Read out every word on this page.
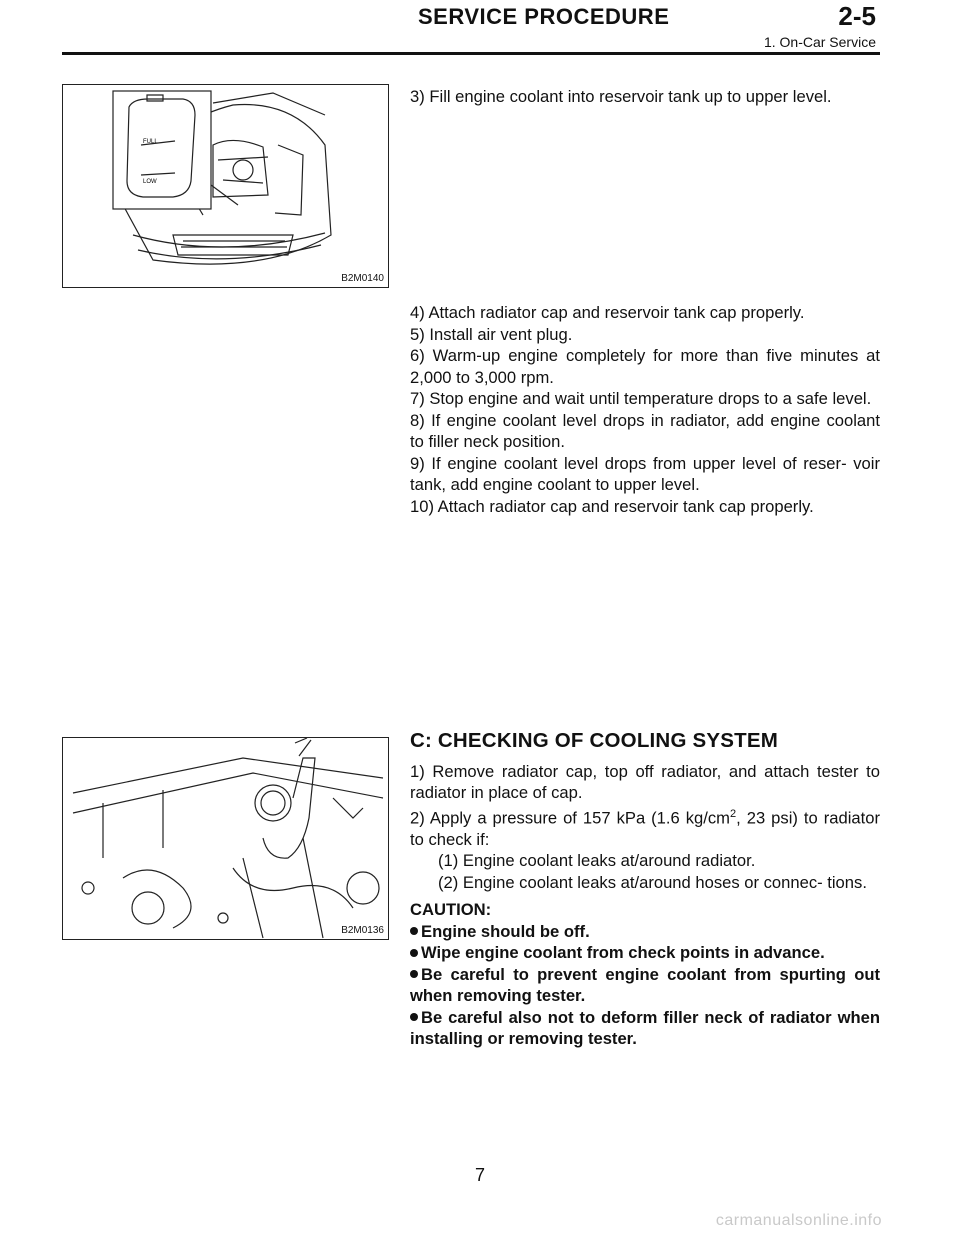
SERVICE PROCEDURE	2-5
1. On-Car Service
FULL
LOW
B2M0140
B2M0136

3) Fill engine coolant into reservoir tank up to upper level.

4) Attach radiator cap and reservoir tank cap properly.

5) Install air vent plug.

6) Warm-up engine completely for more than five minutes at 2,000 to 3,000 rpm.

7) Stop engine and wait until temperature drops to a safe level.

8) If engine coolant level drops in radiator, add engine coolant to filler neck position.

9) If engine coolant level drops from upper level of reser- voir tank, add engine coolant to upper level.

10) Attach radiator cap and reservoir tank cap properly.

C: CHECKING OF COOLING SYSTEM

1) Remove radiator cap, top off radiator, and attach tester to radiator in place of cap.

2) Apply a pressure of 157 kPa (1.6 $kg/cm^2$, 23 psi) to radiator to check if:

(1) Engine coolant leaks at/around radiator.

(2) Engine coolant leaks at/around hoses or connec- tions.

CAUTION:

Engine should be off.

Wipe engine coolant from check points in advance.

Be careful to prevent engine coolant from spurting out when removing tester.

Be careful also not to deform filler neck of radiator when installing or removing tester.

7
carmanualsonline.info
